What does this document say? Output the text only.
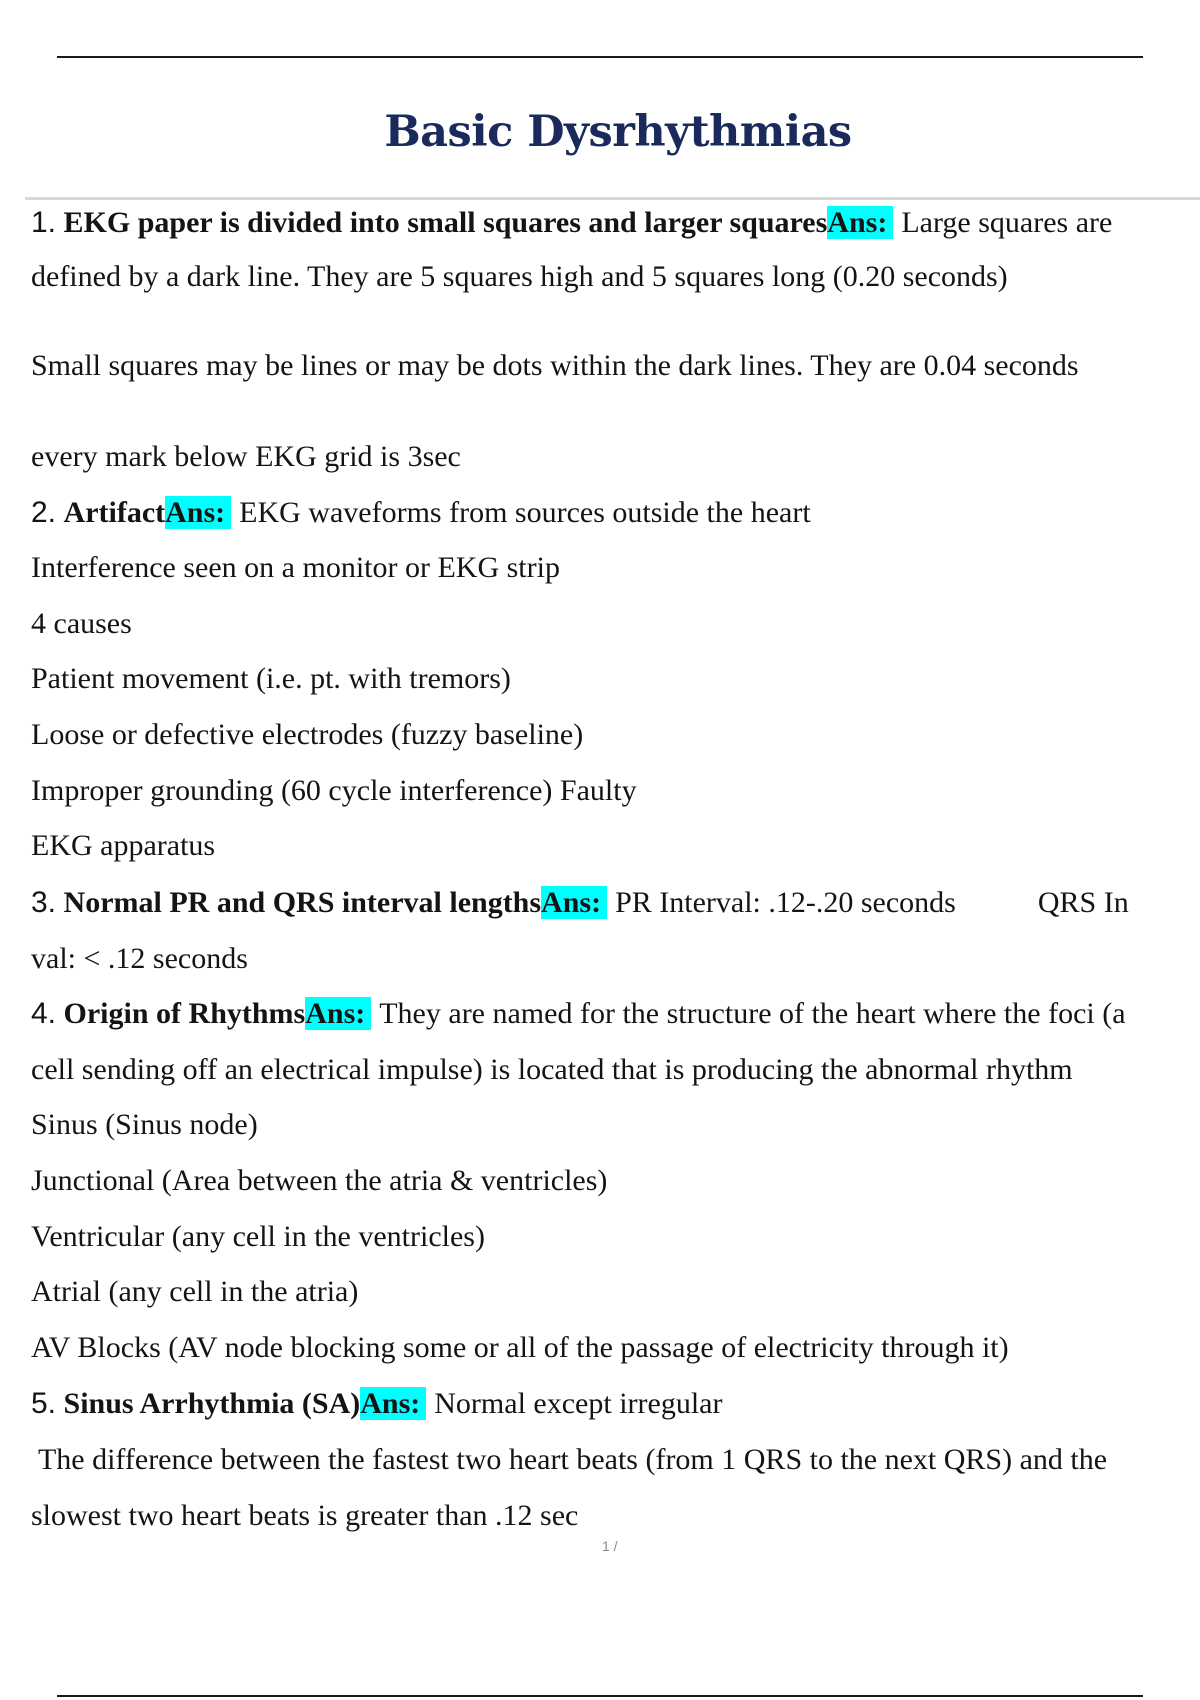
Basic Dysrhythmias
1. EKG paper is divided into small squares and larger squaresAns: Large squares are
defined by a dark line. They are 5 squares high and 5 squares long (0.20 seconds)
Small squares may be lines or may be dots within the dark lines. They are 0.04 seconds
every mark below EKG grid is 3sec
2. ArtifactAns: EKG waveforms from sources outside the heart
Interference seen on a monitor or EKG strip
4 causes
Patient movement (i.e. pt. with tremors)
Loose or defective electrodes (fuzzy baseline)
Improper grounding (60 cycle interference) Faulty
EKG apparatus
3. Normal PR and QRS interval lengthsAns: PR Interval: .12-.20 seconds	QRS In
val: < .12 seconds
4. Origin of RhythmsAns: They are named for the structure of the heart where the foci (a
cell sending off an electrical impulse) is located that is producing the abnormal rhythm
Sinus (Sinus node)
Junctional (Area between the atria & ventricles)
Ventricular (any cell in the ventricles)
Atrial (any cell in the atria)
AV Blocks (AV node blocking some or all of the passage of electricity through it)
5. Sinus Arrhythmia (SA)Ans: Normal except irregular
The difference between the fastest two heart beats (from 1 QRS to the next QRS) and the
slowest two heart beats is greater than .12 sec
1 /
